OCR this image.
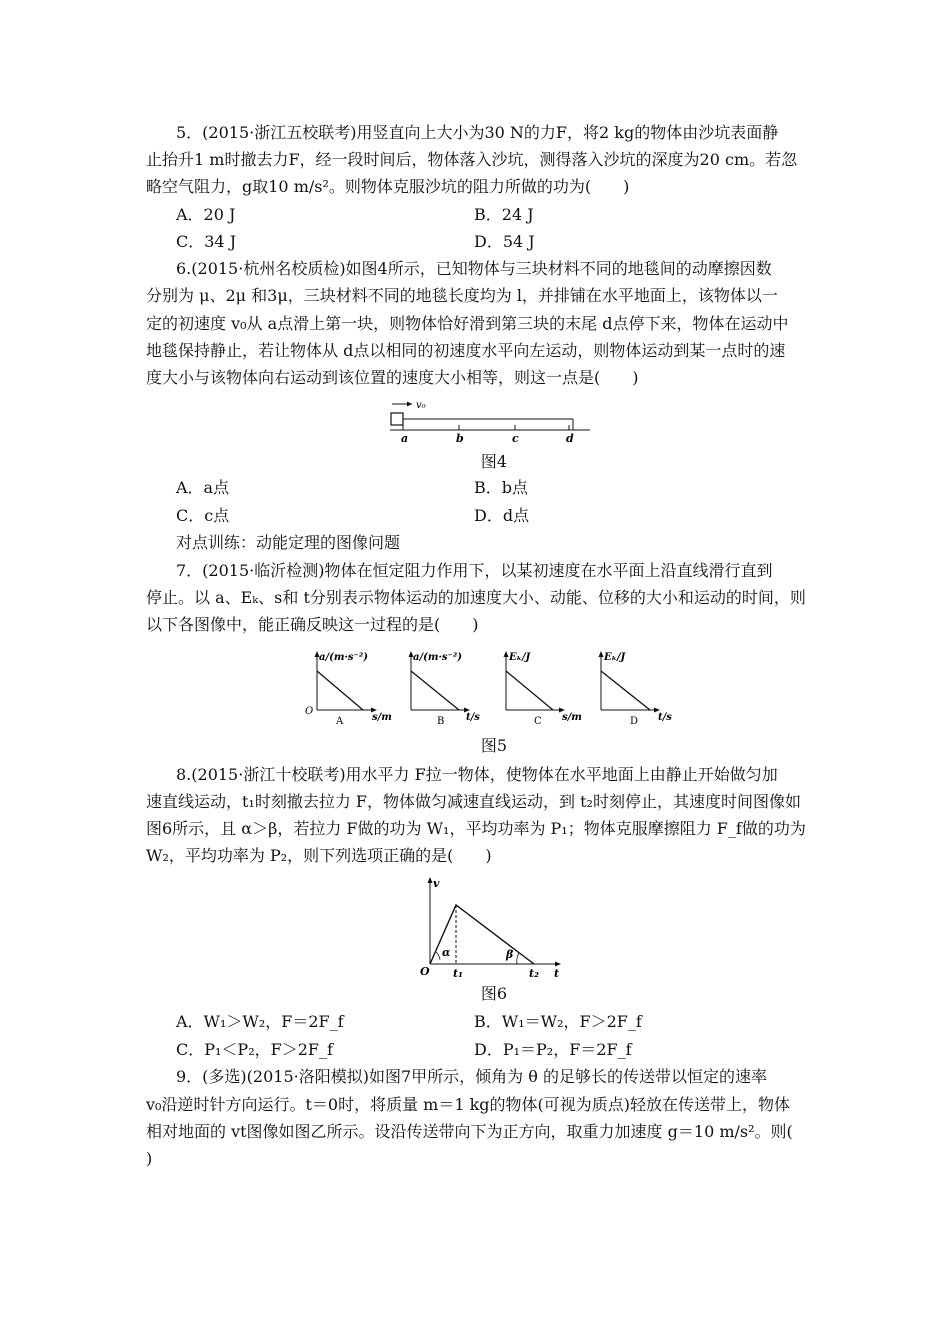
5．(2015·浙江五校联考)用竖直向上大小为30 N的力F，将2 kg的物体由沙坑表面静
止抬升1 m时撤去力F，经一段时间后，物体落入沙坑，测得落入沙坑的深度为20 cm。若忽
略空气阻力，g取10 m/s²。则物体克服沙坑的阻力所做的功为(　　)
A．20 J	B．24 J
C．34 J	D．54 J
6.(2015·杭州名校质检)如图4所示，已知物体与三块材料不同的地毯间的动摩擦因数
分别为 μ、2μ 和3μ，三块材料不同的地毯长度均为 l，并排铺在水平地面上，该物体以一
定的初速度 v₀从 a点滑上第一块，则物体恰好滑到第三块的末尾 d点停下来，物体在运动中
地毯保持静止，若让物体从 d点以相同的初速度水平向左运动，则物体运动到某一点时的速
度大小与该物体向右运动到该位置的速度大小相等，则这一点是(　　)
v₀
a	b	c	d
图4
A．a点	B．b点
C．c点	D．d点
对点训练：动能定理的图像问题
7．(2015·临沂检测)物体在恒定阻力作用下，以某初速度在水平面上沿直线滑行直到
停止。以 a、Eₖ、s和 t分别表示物体运动的加速度大小、动能、位移的大小和运动的时间，则
以下各图像中，能正确反映这一过程的是(　　)
O
a/(m·s⁻²)
s/m
A
a/(m·s⁻²)
t/s
B
Eₖ/J
s/m
C
Eₖ/J
t/s
D
图5
8.(2015·浙江十校联考)用水平力 F拉一物体，使物体在水平地面上由静止开始做匀加
速直线运动，t₁时刻撤去拉力 F，物体做匀减速直线运动，到 t₂时刻停止，其速度时间图像如
图6所示，且 α＞β，若拉力 F做的功为 W₁，平均功率为 P₁；物体克服摩擦阻力 F_f做的功为
W₂，平均功率为 P₂，则下列选项正确的是(　　)
v
O t₁	t₂ t
α	β
图6
A．W₁＞W₂，F＝2F_f	B．W₁＝W₂，F＞2F_f
C．P₁＜P₂，F＞2F_f	D．P₁＝P₂，F＝2F_f
9．(多选)(2015·洛阳模拟)如图7甲所示，倾角为 θ 的足够长的传送带以恒定的速率
v₀沿逆时针方向运行。t＝0时，将质量 m＝1 kg的物体(可视为质点)轻放在传送带上，物体
相对地面的 vt图像如图乙所示。设沿传送带向下为正方向，取重力加速度 g＝10 m/s²。则(
)
